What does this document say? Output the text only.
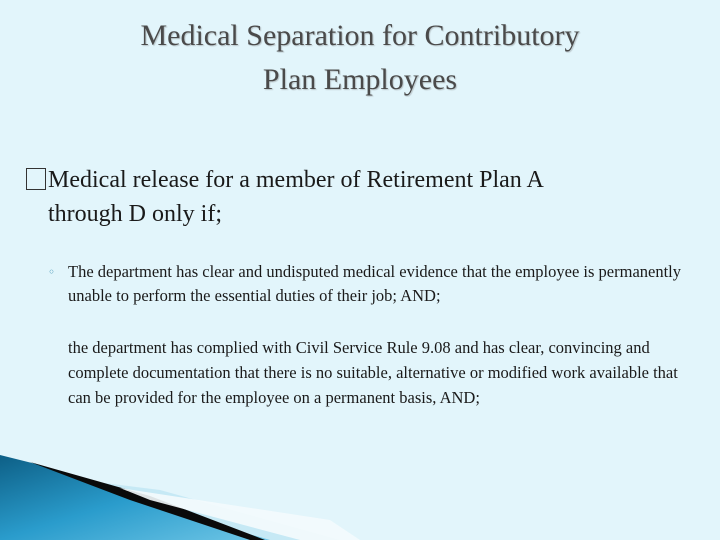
Medical Separation for Contributory
Plan Employees
Medical release for a member of Retirement Plan A
through D only if;
◦ The department has clear and undisputed medical evidence that the employee is permanently unable to perform the essential duties of their job; AND;
the department has complied with Civil Service Rule 9.08 and has clear, convincing and complete documentation that there is no suitable, alternative or modified work available that can be provided for the employee on a permanent basis, AND;
